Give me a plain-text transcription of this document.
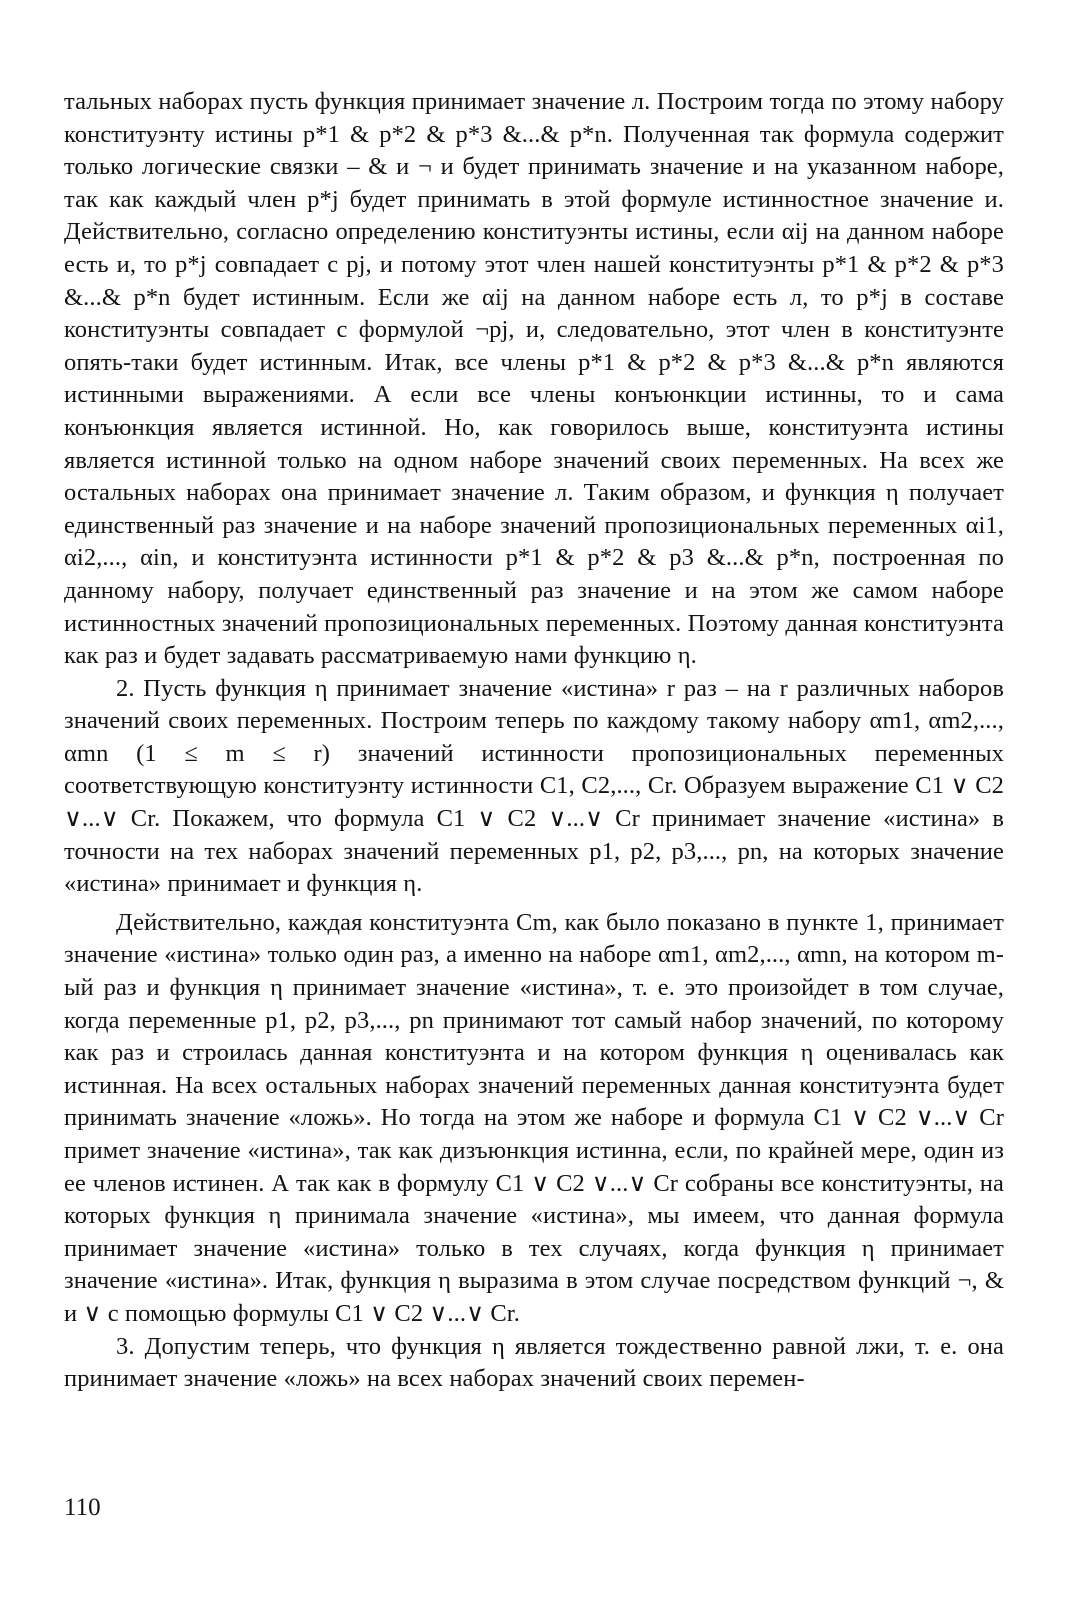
тальных наборах пусть функция принимает значение л. Построим тогда по этому набору конституэнту истины p*1 & p*2 & p*3 &...& p*n. Полученная так формула содержит только логические связки – & и ¬ и будет принимать значение и на указанном наборе, так как каждый член p*j будет принимать в этой формуле истинностное значение и. Действительно, согласно определению конституэнты истины, если αij на данном наборе есть и, то p*j совпадает с pj, и потому этот член нашей конституэнты p*1 & p*2 & p*3 &...& p*n будет истинным. Если же αij на данном наборе есть л, то p*j в составе конституэнты совпадает с формулой ¬pj, и, следовательно, этот член в конституэнте опять-таки будет истинным. Итак, все члены p*1 & p*2 & p*3 &...& p*n являются истинными выражениями. А если все члены конъюнкции истинны, то и сама конъюнкция является истинной. Но, как говорилось выше, конституэнта истины является истинной только на одном наборе значений своих переменных. На всех же остальных наборах она принимает значение л. Таким образом, и функция η получает единственный раз значение и на наборе значений пропозициональных переменных αi1, αi2,..., αin, и конституэнта истинности p*1 & p*2 & p3 &...& p*n, построенная по данному набору, получает единственный раз значение и на этом же самом наборе истинностных значений пропозициональных переменных. Поэтому данная конституэнта как раз и будет задавать рассматриваемую нами функцию η.

2. Пусть функция η принимает значение «истина» r раз – на r различных наборов значений своих переменных. Построим теперь по каждому такому набору αm1, αm2,..., αmn (1 ≤ m ≤ r) значений истинности пропозициональных переменных соответствующую конституэнту истинности C1, C2,..., Cr. Образуем выражение C1 ∨ C2 ∨...∨ Cr. Покажем, что формула C1 ∨ C2 ∨...∨ Cr принимает значение «истина» в точности на тех наборах значений переменных p1, p2, p3,..., pn, на которых значение «истина» принимает и функция η.

Действительно, каждая конституэнта Cm, как было показано в пункте 1, принимает значение «истина» только один раз, а именно на наборе αm1, αm2,..., αmn, на котором m-ый раз и функция η принимает значение «истина», т. е. это произойдет в том случае, когда переменные p1, p2, p3,..., pn принимают тот самый набор значений, по которому как раз и строилась данная конституэнта и на котором функция η оценивалась как истинная. На всех остальных наборах значений переменных данная конституэнта будет принимать значение «ложь». Но тогда на этом же наборе и формула C1 ∨ C2 ∨...∨ Cr примет значение «истина», так как дизъюнкция истинна, если, по крайней мере, один из ее членов истинен. А так как в формулу C1 ∨ C2 ∨...∨ Cr собраны все конституэнты, на которых функция η принимала значение «истина», мы имеем, что данная формула принимает значение «истина» только в тех случаях, когда функция η принимает значение «истина». Итак, функция η выразима в этом случае посредством функций ¬, & и ∨ с помощью формулы C1 ∨ C2 ∨...∨ Cr.

3. Допустим теперь, что функция η является тождественно равной лжи, т. е. она принимает значение «ложь» на всех наборах значений своих перемен-

110
